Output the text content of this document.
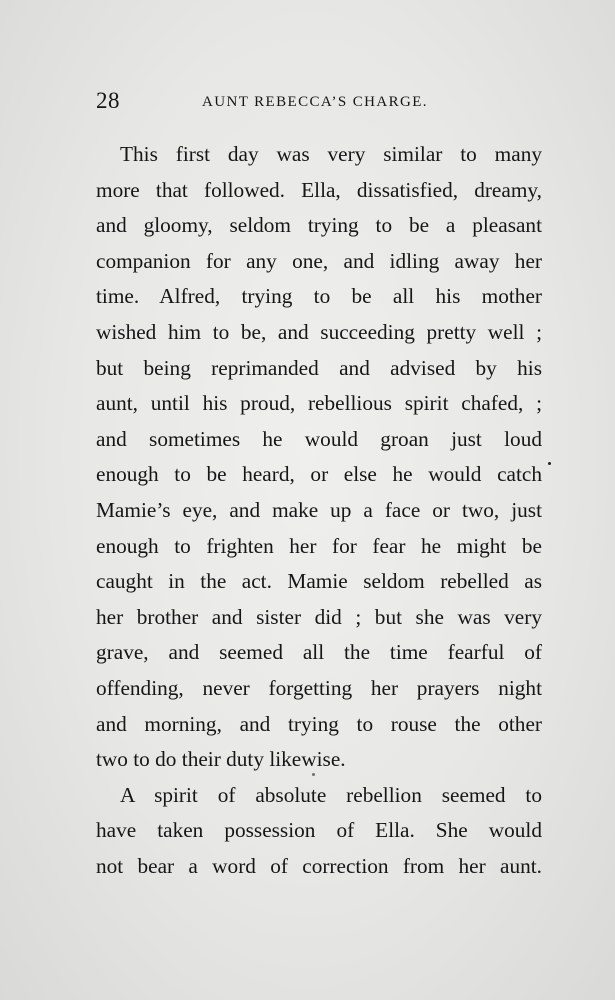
28	AUNT REBECCA’S CHARGE.
This first day was very similar to many
more that followed. Ella, dissatisfied, dreamy,
and gloomy, seldom trying to be a pleasant
companion for any one, and idling away her
time. Alfred, trying to be all his mother
wished him to be, and succeeding pretty well ;
but being reprimanded and advised by his
aunt, until his proud, rebellious spirit chafed, ;
and sometimes he would groan just loud
enough to be heard, or else he would catch
Mamie’s eye, and make up a face or two, just
enough to frighten her for fear he might be
caught in the act. Mamie seldom rebelled as
her brother and sister did ; but she was very
grave, and seemed all the time fearful of
offending, never forgetting her prayers night
and morning, and trying to rouse the other
two to do their duty likewise.
A spirit of absolute rebellion seemed to
have taken possession of Ella. She would
not bear a word of correction from her aunt.
